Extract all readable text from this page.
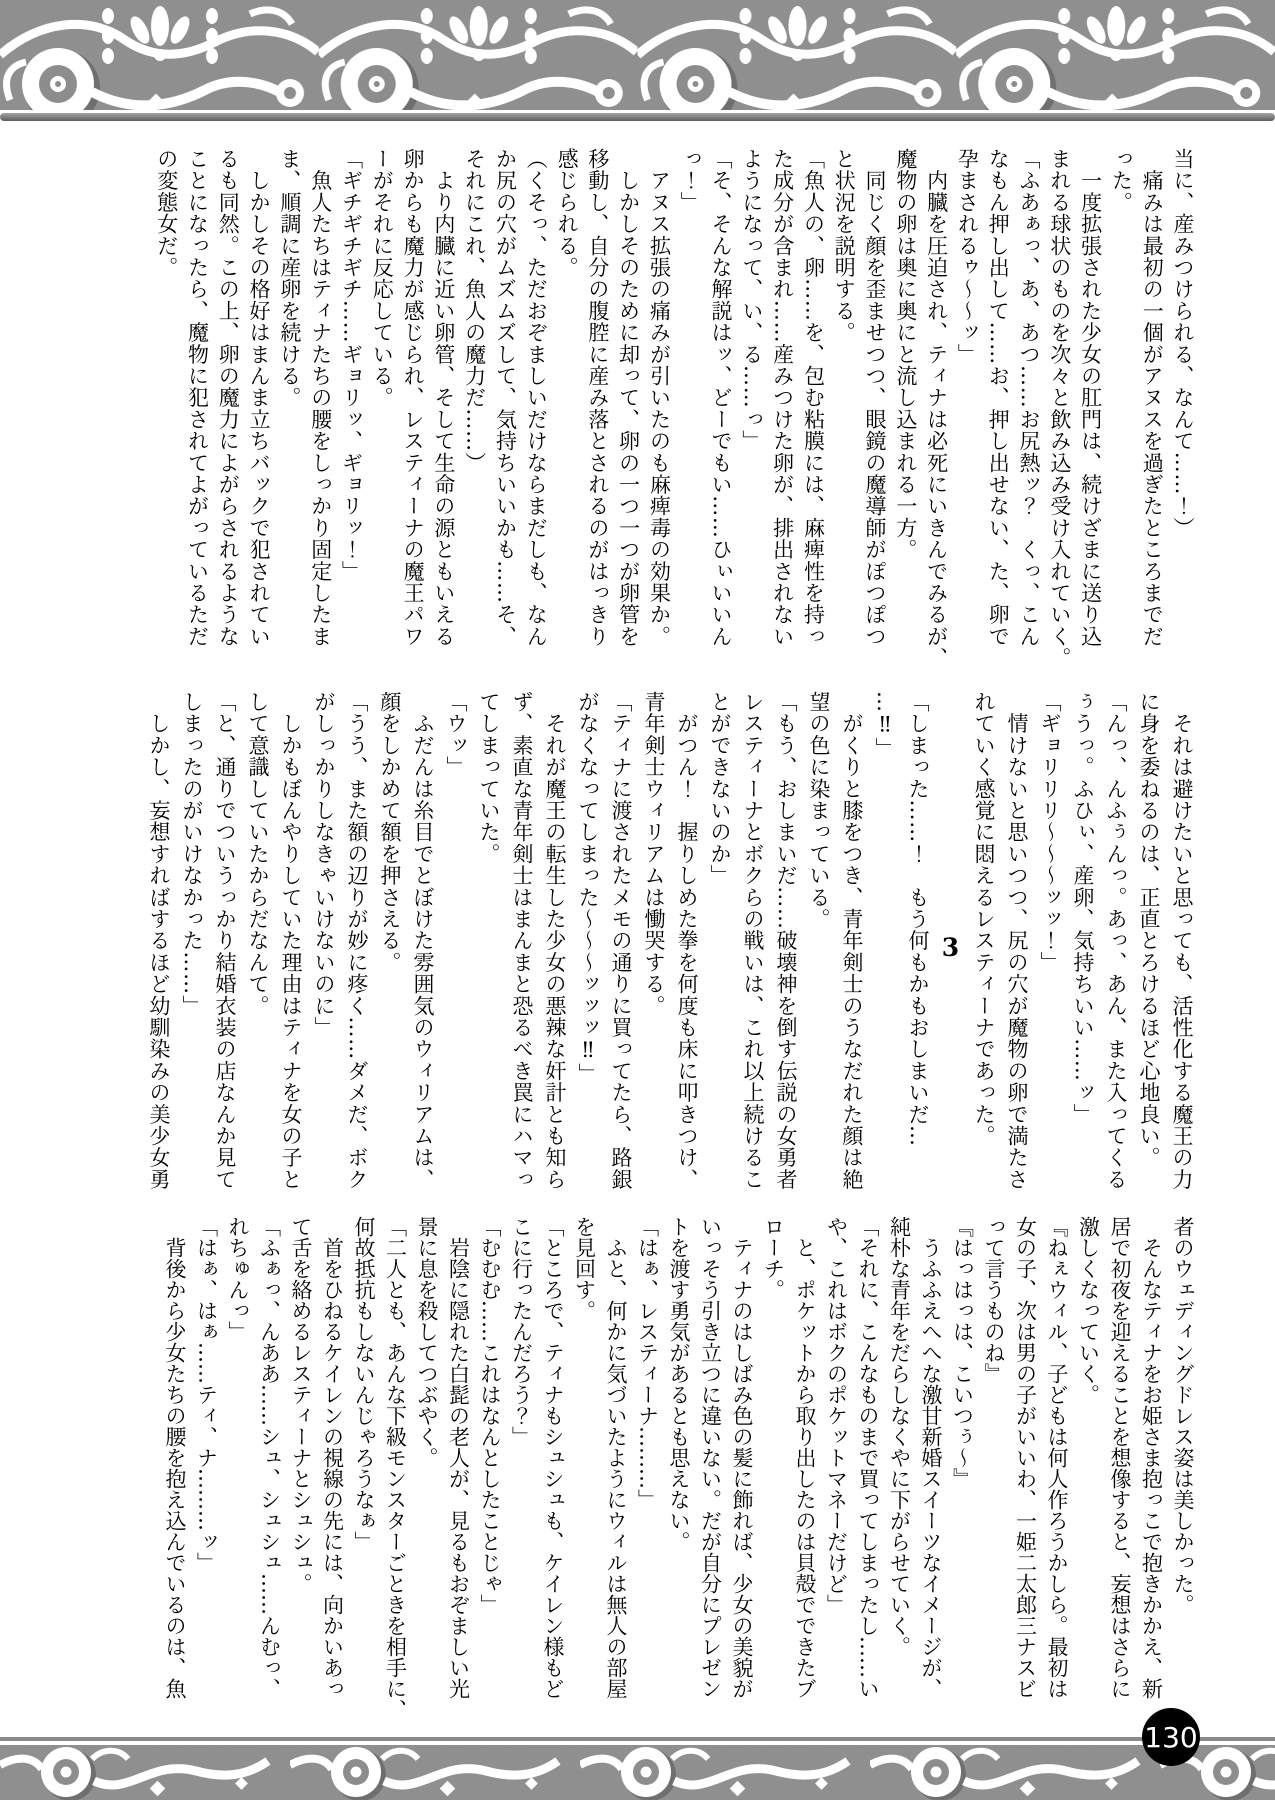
当に、産みつけられる、なんて……！）

　痛みは最初の一個がアヌスを過ぎたところまでだ

った。

　一度拡張された少女の肛門は、続けざまに送り込

まれる球状のものを次々と飲み込み受け入れていく。

「ふあぁっ、あ、あつ……お尻熱ッ？　くっ、こん

なもん押し出して……お、押し出せない、た、卵で

孕まされるゥ〜〜ッ」

　内臓を圧迫され、ティナは必死にいきんでみるが、

魔物の卵は奥に奥にと流し込まれる一方。

　同じく顔を歪ませつつ、眼鏡の魔導師がぽつぽつ

と状況を説明する。

「魚人の、卵……を、包む粘膜には、麻痺性を持っ

た成分が含まれ……産みつけた卵が、排出されない

ようになって、い、る……っ」

「そ、そんな解説はッ、どーでもい……ひぃいいん

っ！」

　アヌス拡張の痛みが引いたのも麻痺毒の効果か。

　しかしそのために却って、卵の一つ一つが卵管を

移動し、自分の腹腔に産み落とされるのがはっきり

感じられる。

（くそっ、ただおぞましいだけならまだしも、なん

か尻の穴がムズムズして、気持ちいいかも……そ、

それにこれ、魚人の魔力だ……）

　より内臓に近い卵管、そして生命の源ともいえる

卵からも魔力が感じられ、レスティーナの魔王パワ

ーがそれに反応している。

「ギチギチギチ……ギョリッ、ギョリッ！」

　魚人たちはティナたちの腰をしっかり固定したま

ま、順調に産卵を続ける。

　しかしその格好はまんま立ちバックで犯されてい

るも同然。この上、卵の魔力によがらされるような

ことになったら、魔物に犯されてよがっているただ

の変態女だ。

　それは避けたいと思っても、活性化する魔王の力

に身を委ねるのは、正直とろけるほど心地良い。

「んっ、んふぅんっ。あっ、あん、また入ってくる

ぅうっ。ふひぃ、産卵、気持ちいい……ッ」

「ギョリリリ〜〜〜ッッ！」

　情けないと思いつつ、尻の穴が魔物の卵で満たさ

れていく感覚に悶えるレスティーナであった。

3

「しまった……！　もう何もかもおしまいだ…

…‼」

　がくりと膝をつき、青年剣士のうなだれた顔は絶

望の色に染まっている。

「もう、おしまいだ……破壊神を倒す伝説の女勇者

レスティーナとボクらの戦いは、これ以上続けるこ

とができないのか」

　がつん！　握りしめた拳を何度も床に叩きつけ、

青年剣士ウィリアムは慟哭する。

「ティナに渡されたメモの通りに買ってたら、路銀

がなくなってしまった〜〜〜ッッッ‼」

　それが魔王の転生した少女の悪辣な奸計とも知ら

ず、素直な青年剣士はまんまと恐るべき罠にハマっ

てしまっていた。

「ウッ」

　ふだんは糸目でとぼけた雰囲気のウィリアムは、

顔をしかめて額を押さえる。

「うう、また額の辺りが妙に疼く……ダメだ、ボク

がしっかりしなきゃいけないのに」

　しかもぼんやりしていた理由はティナを女の子と

して意識していたからだなんて。

「と、通りでついうっかり結婚衣装の店なんか見て

しまったのがいけなかった……」

　しかし、妄想すればするほど幼馴染みの美少女勇

者のウェディングドレス姿は美しかった。

　そんなティナをお姫さま抱っこで抱きかかえ、新

居で初夜を迎えることを想像すると、妄想はさらに

激しくなっていく。

『ねぇウィル、子どもは何人作ろうかしら。最初は

女の子、次は男の子がいいわ、一姫二太郎三ナスビ

って言うものね』

『はっはっは、こいつぅ〜』

　うふふえへへな激甘新婚スイーツなイメージが、

純朴な青年をだらしなくやに下がらせていく。

「それに、こんなものまで買ってしまったし……い

や、これはボクのポケットマネーだけど」

　と、ポケットから取り出したのは貝殻でできたブ

ローチ。

　ティナのはしばみ色の髪に飾れば、少女の美貌が

いっそう引き立つに違いない。だが自分にプレゼン

トを渡す勇気があるとも思えない。

「はぁ、レスティーナ………」

　ふと、何かに気づいたようにウィルは無人の部屋

を見回す。

「ところで、ティナもシュシュも、ケイレン様もど

こに行ったんだろう？」

「むむむ……これはなんとしたことじゃ」

　岩陰に隠れた白髭の老人が、見るもおぞましい光

景に息を殺してつぶやく。

「二人とも、あんな下級モンスターごときを相手に、

何故抵抗もしないんじゃろうなぁ」

　首をひねるケイレンの視線の先には、向かいあっ

て舌を絡めるレスティーナとシュシュ。

「ふぁっ、んああ……シュ、シュシュ……んむっ、

れちゅんっ」

「はぁ、はぁ……ティ、ナ………ッ」

　背後から少女たちの腰を抱え込んでいるのは、魚

130
